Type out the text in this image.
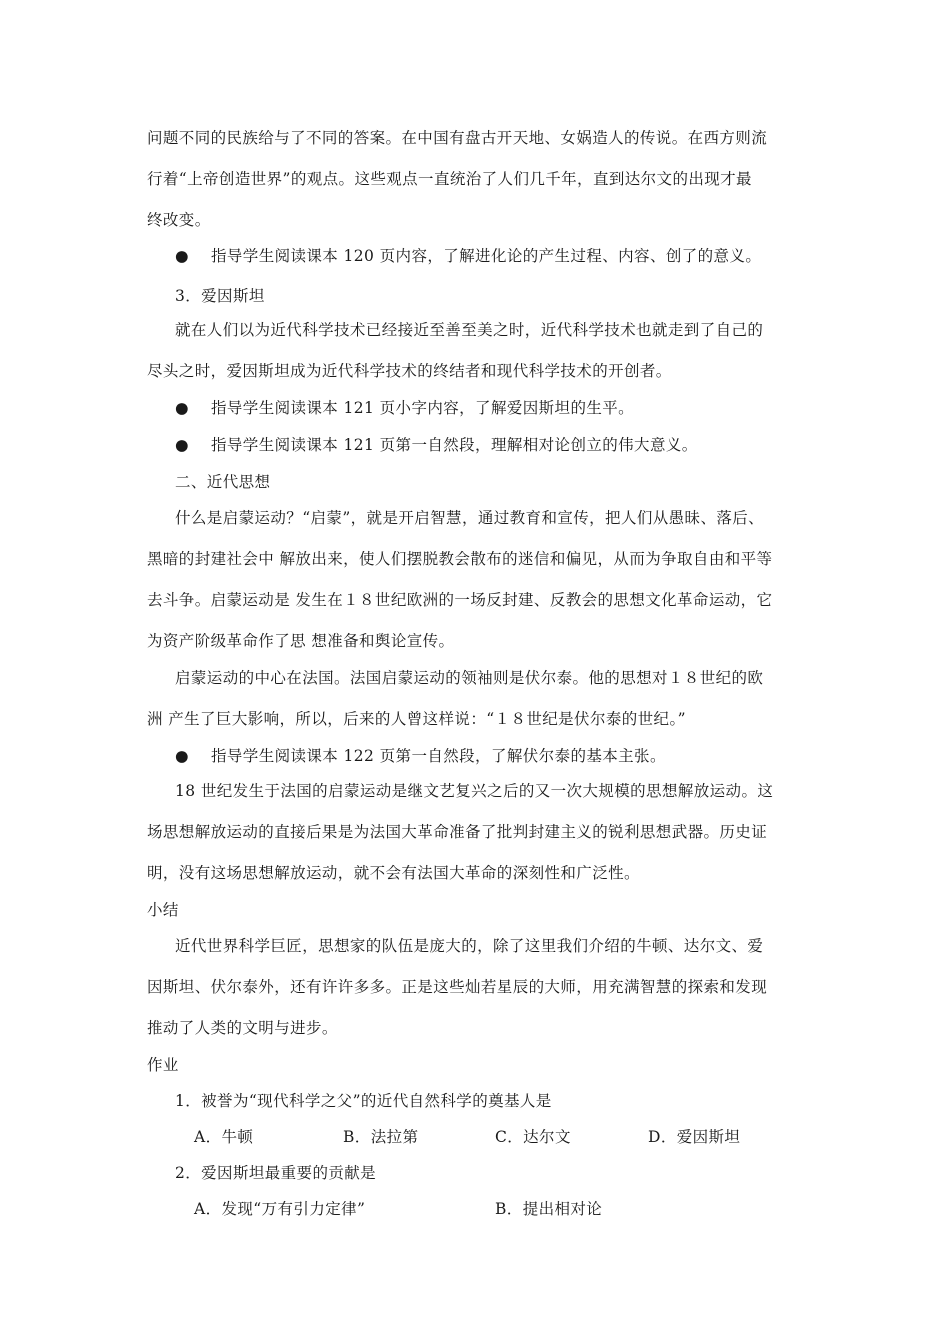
问题不同的民族给与了不同的答案。在中国有盘古开天地、女娲造人的传说。在西方则流
行着“上帝创造世界”的观点。这些观点一直统治了人们几千年，直到达尔文的出现才最
终改变。
● 指导学生阅读课本 120 页内容，了解进化论的产生过程、内容、创了的意义。
3．爱因斯坦
就在人们以为近代科学技术已经接近至善至美之时，近代科学技术也就走到了自己的
尽头之时，爱因斯坦成为近代科学技术的终结者和现代科学技术的开创者。
● 指导学生阅读课本 121 页小字内容，了解爱因斯坦的生平。
● 指导学生阅读课本 121 页第一自然段，理解相对论创立的伟大意义。
二、近代思想
什么是启蒙运动？“启蒙”，就是开启智慧，通过教育和宣传，把人们从愚昧、落后、
黑暗的封建社会中 解放出来，使人们摆脱教会散布的迷信和偏见，从而为争取自由和平等
去斗争。启蒙运动是 发生在１８世纪欧洲的一场反封建、反教会的思想文化革命运动，它
为资产阶级革命作了思 想准备和舆论宣传。
启蒙运动的中心在法国。法国启蒙运动的领袖则是伏尔泰。他的思想对１８世纪的欧
洲 产生了巨大影响，所以，后来的人曾这样说：“１８世纪是伏尔泰的世纪。”
● 指导学生阅读课本 122 页第一自然段，了解伏尔泰的基本主张。
18 世纪发生于法国的启蒙运动是继文艺复兴之后的又一次大规模的思想解放运动。这
场思想解放运动的直接后果是为法国大革命准备了批判封建主义的锐利思想武器。历史证
明，没有这场思想解放运动，就不会有法国大革命的深刻性和广泛性。
小结
近代世界科学巨匠，思想家的队伍是庞大的，除了这里我们介绍的牛顿、达尔文、爱
因斯坦、伏尔泰外，还有许许多多。正是这些灿若星辰的大师，用充满智慧的探索和发现
推动了人类的文明与进步。
作业
1．被誉为“现代科学之父”的近代自然科学的奠基人是
A．牛顿	B．法拉第	C．达尔文	D．爱因斯坦
2．爱因斯坦最重要的贡献是
A．发现“万有引力定律”	B．提出相对论
